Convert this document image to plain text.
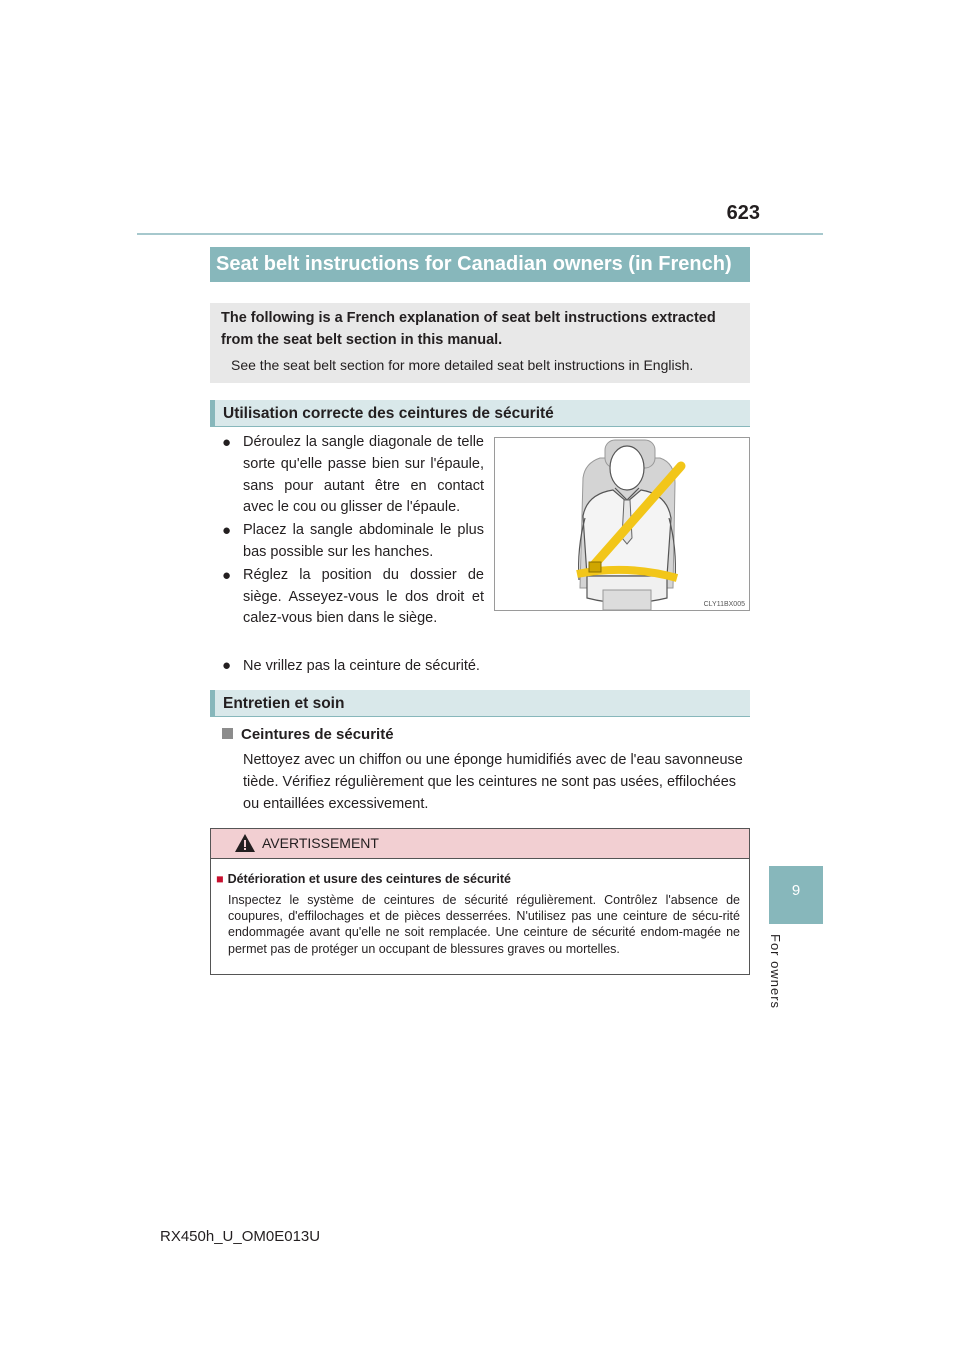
623
9
For owners
Seat belt instructions for Canadian owners (in French)
The following is a French explanation of seat belt instructions extracted from the seat belt section in this manual.
See the seat belt section for more detailed seat belt instructions in English.
Utilisation correcte des ceintures de sécurité
● Déroulez la sangle diagonale de telle sorte qu'elle passe bien sur l'épaule, sans pour autant être en contact avec le cou ou glisser de l'épaule.
● Placez la sangle abdominale le plus bas possible sur les hanches.
● Réglez la position du dossier de siège. Asseyez-vous le dos droit et calez-vous bien dans le siège.
● Ne vrillez pas la ceinture de sécurité.
CLY11BX005
Entretien et soin
Ceintures de sécurité
Nettoyez avec un chiffon ou une éponge humidifiés avec de l'eau savonneuse tiède. Vérifiez régulièrement que les ceintures ne sont pas usées, effilochées ou entaillées excessivement.
AVERTISSEMENT
■ Détérioration et usure des ceintures de sécurité
Inspectez le système de ceintures de sécurité régulièrement. Contrôlez l'absence de coupures, d'effilochages et de pièces desserrées. N'utilisez pas une ceinture de sécu-rité endommagée avant qu'elle ne soit remplacée. Une ceinture de sécurité endom-magée ne permet pas de protéger un occupant de blessures graves ou mortelles.
RX450h_U_OM0E013U
